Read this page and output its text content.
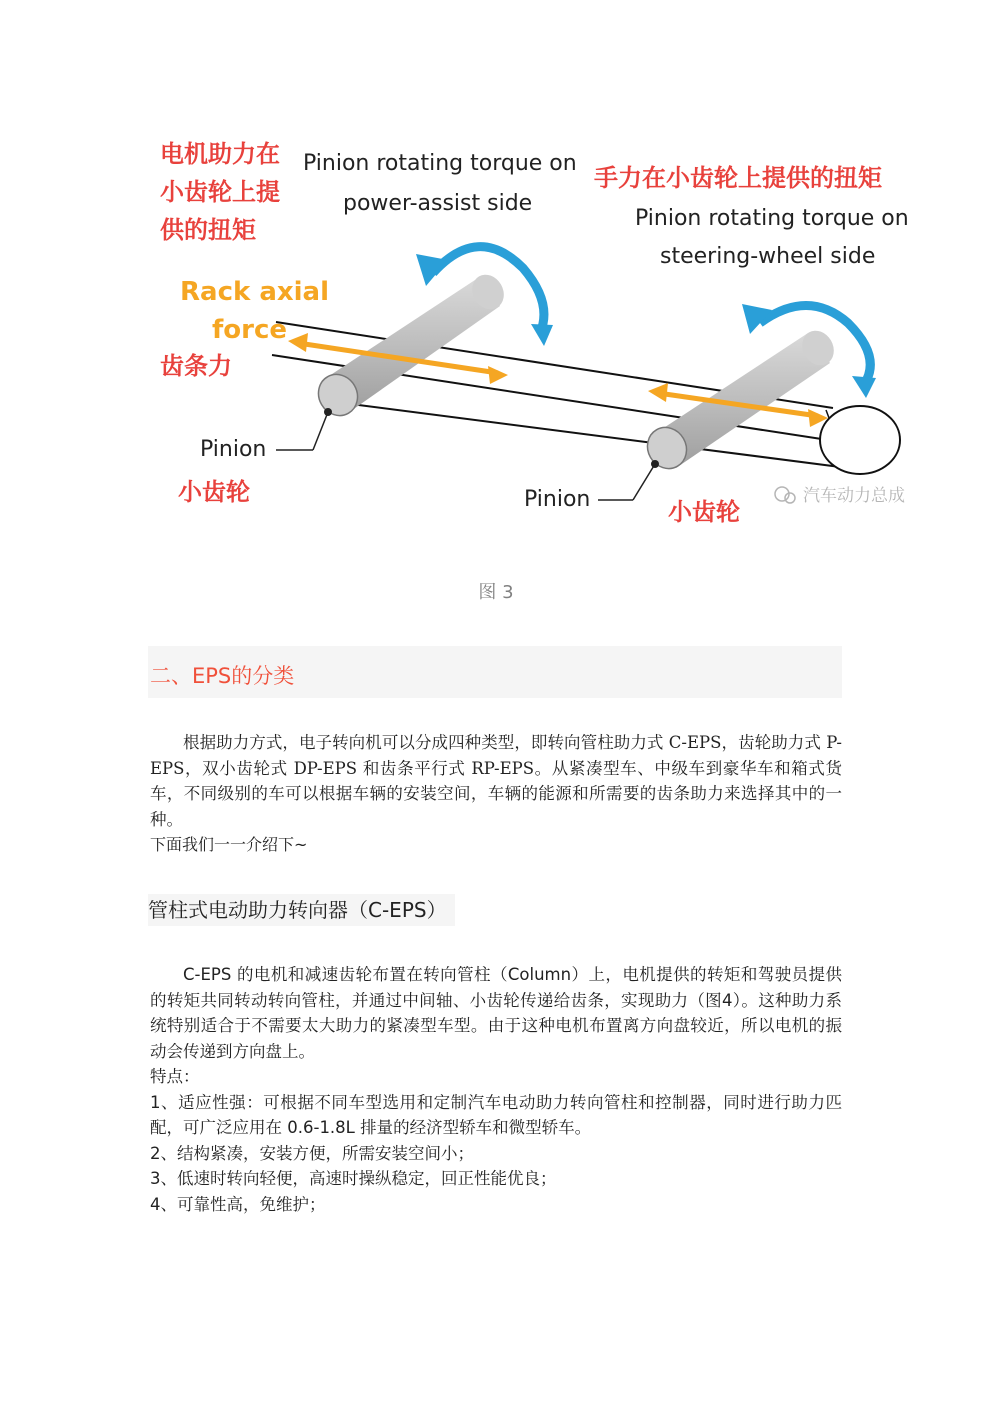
电机助力在
小齿轮上提
供的扭矩
手力在小齿轮上提供的扭矩
齿条力
小齿轮
小齿轮
Pinion rotating torque on
power-assist side
Pinion rotating torque on
steering-wheel side
Pinion
Pinion
Rack axial
force
汽车动力总成
图 3
二、EPS的分类

根据助力方式，电子转向机可以分成四种类型，即转向管柱助力式 C-EPS，齿轮助力式 P-EPS，双小齿轮式 DP-EPS 和齿条平行式 RP-EPS。从紧凑型车、中级车到豪华车和箱式货车，不同级别的车可以根据车辆的安装空间，车辆的能源和所需要的齿条助力来选择其中的一种。

下面我们一一介绍下~

管柱式电动助力转向器（C-EPS）

C-EPS 的电机和减速齿轮布置在转向管柱（Column）上，电机提供的转矩和驾驶员提供的转矩共同转动转向管柱，并通过中间轴、小齿轮传递给齿条，实现助力（图4）。这种助力系统特别适合于不需要太大助力的紧凑型车型。由于这种电机布置离方向盘较近，所以电机的振动会传递到方向盘上。

特点：

1、适应性强：可根据不同车型选用和定制汽车电动助力转向管柱和控制器，同时进行助力匹配，可广泛应用在 0.6-1.8L 排量的经济型轿车和微型轿车。

2、结构紧凑，安装方便，所需安装空间小；

3、低速时转向轻便，高速时操纵稳定，回正性能优良；

4、可靠性高，免维护；
